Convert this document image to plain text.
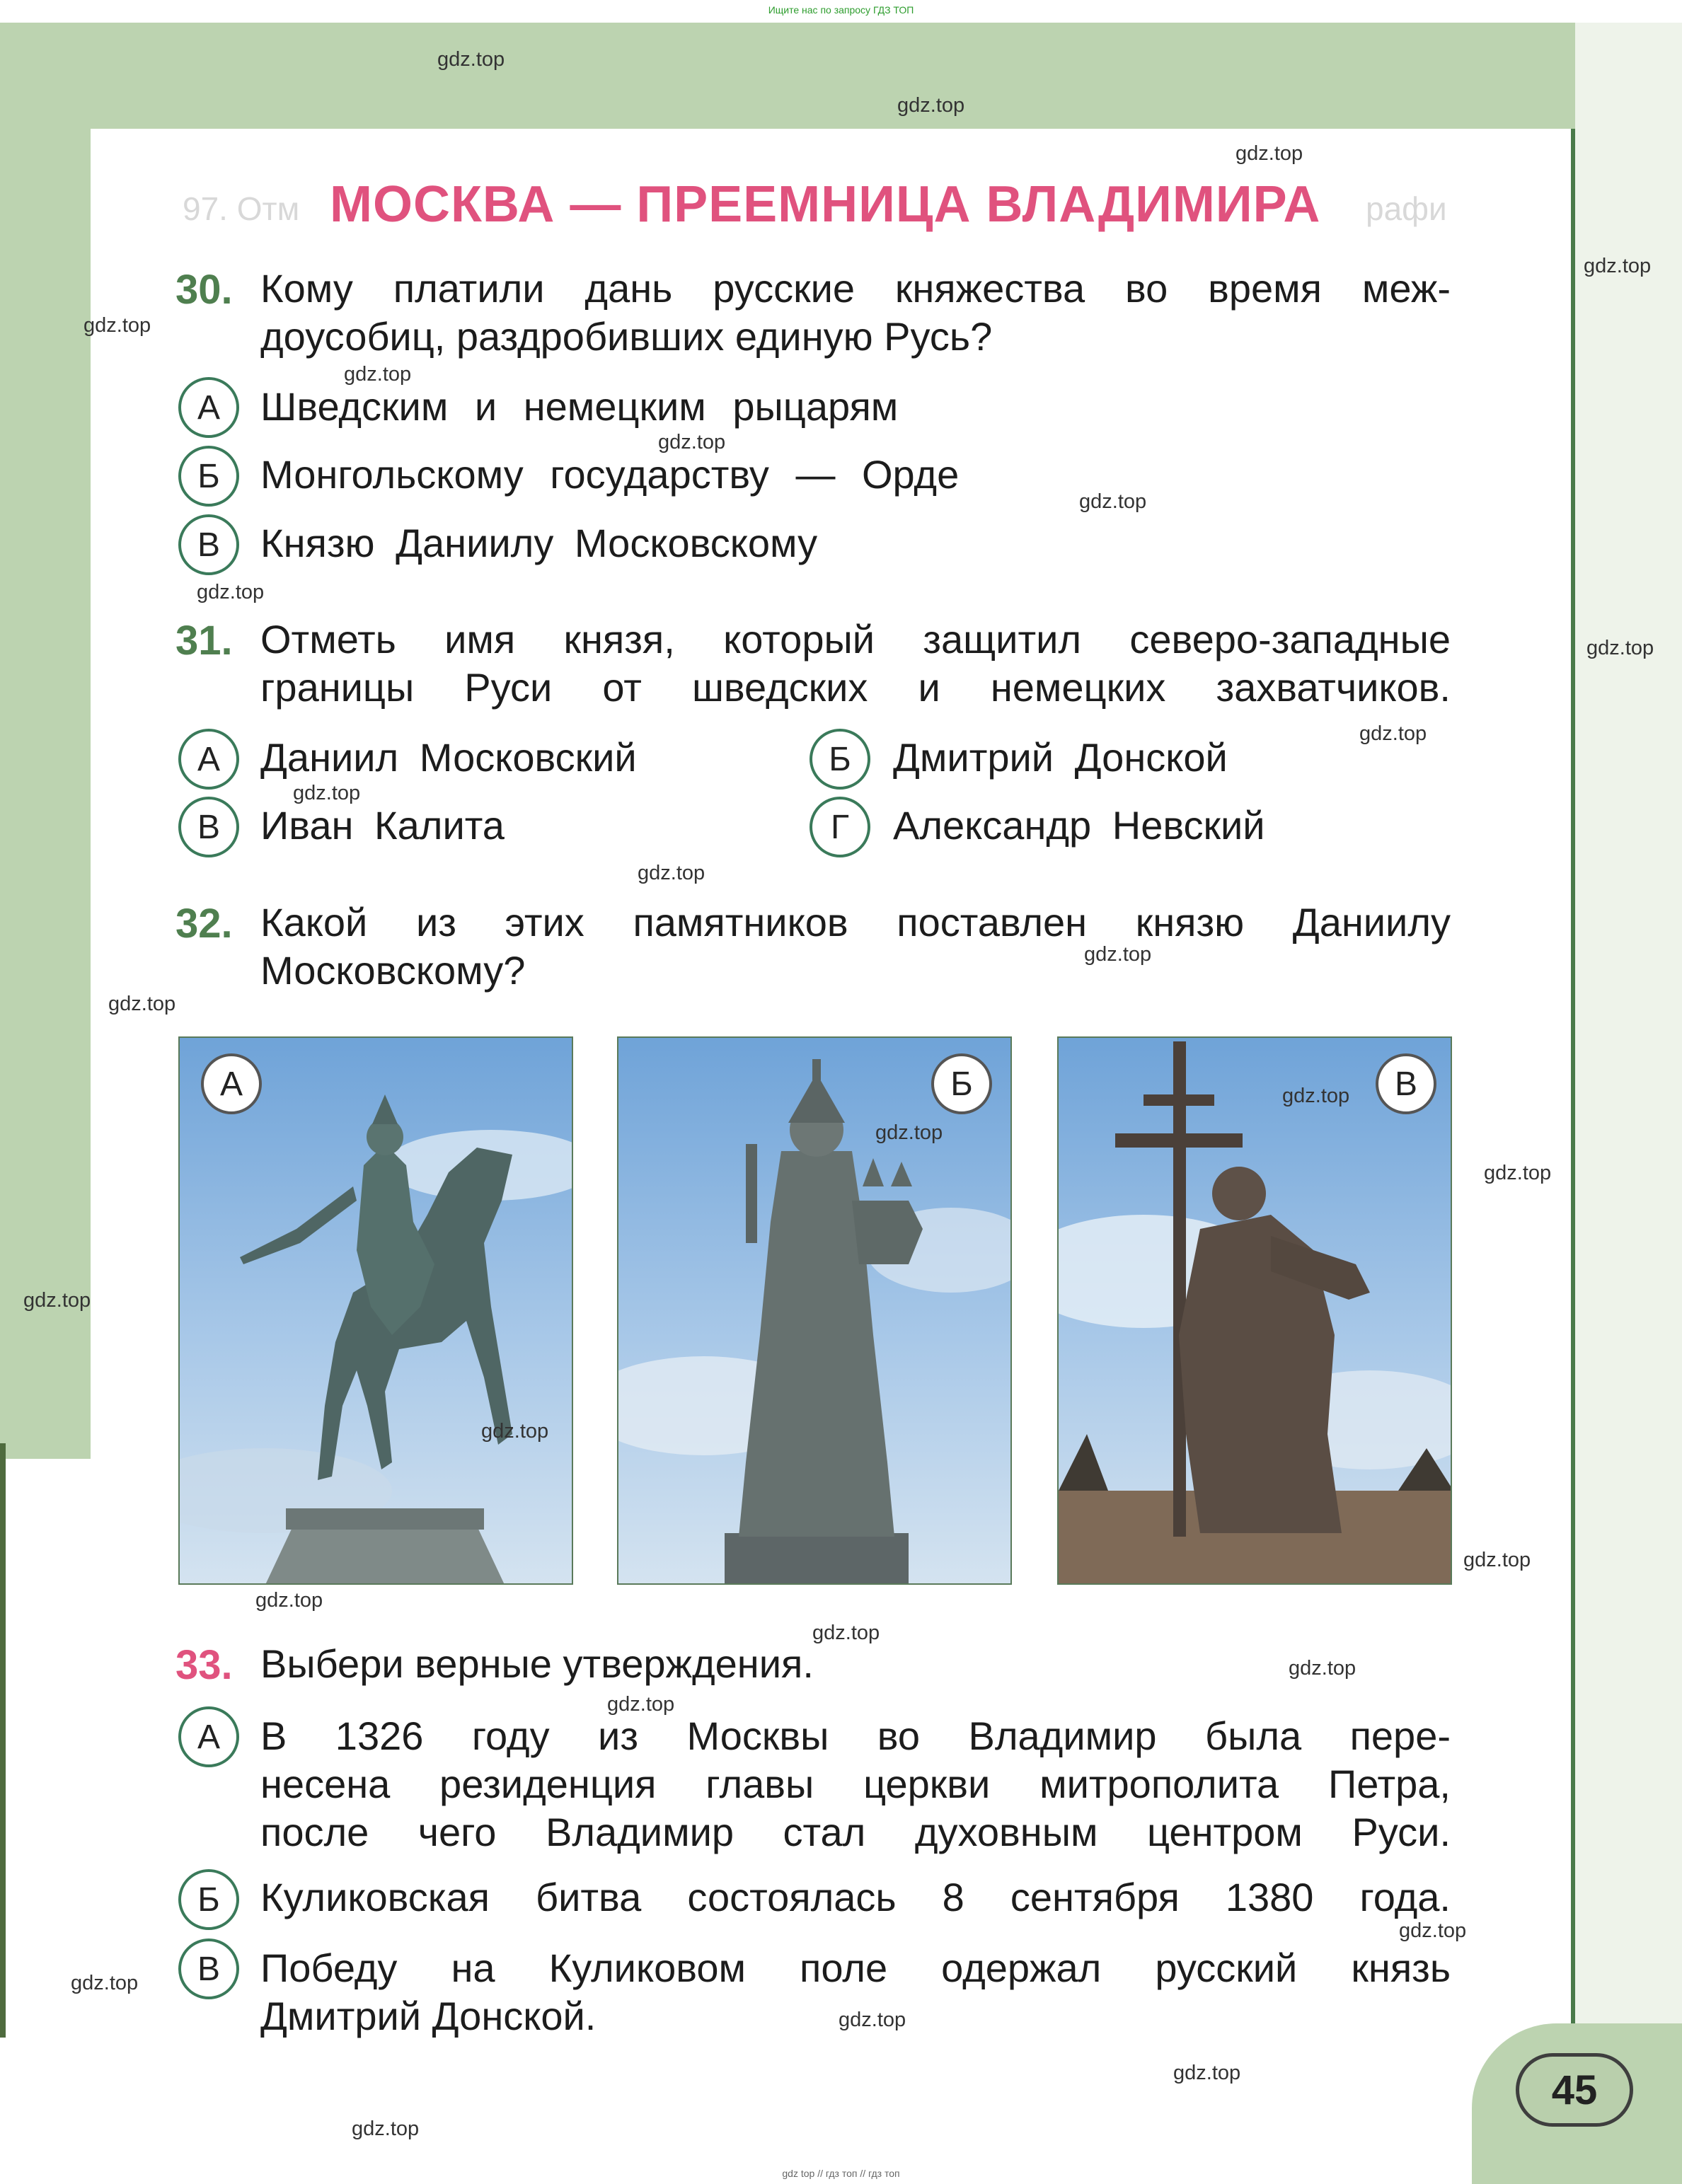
Ищите нас по запросу ГДЗ ТОП
45
gdz top // гдз топ // гдз топ
97. Отм	рафи
МОСКВА — ПРЕЕМНИЦА ВЛАДИМИРА
30. Кому платили дань русские княжества во время меж-
доусобиц, раздробивших единую Русь?
А	Шведским и немецким рыцарям
Б	Монгольскому государству — Орде
В	Князю Даниилу Московскому
31. Отметь имя князя, который защитил северо-западные
границы Руси от шведских и немецких захватчиков.
А	Даниил Московский	Б	Дмитрий Донской
В	Иван Калита	Г	Александр Невский
32. Какой из этих памятников поставлен князю Даниилу
Московскому?
А	Б	В
33. Выбери верные утверждения.
А	В 1326 году из Москвы во Владимир была пере-
несена резиденция главы церкви митрополита Петра,
после чего Владимир стал духовным центром Руси.
Б	Куликовская битва состоялась 8 сентября 1380 года.
В	Победу на Куликовом поле одержал русский князь
Дмитрий Донской.
gdz.top
gdz.top
gdz.top
gdz.top
gdz.top
gdz.top
gdz.top
gdz.top
gdz.top
gdz.top
gdz.top
gdz.top
gdz.top
gdz.top
gdz.top
gdz.top
gdz.top
gdz.top
gdz.top
gdz.top
gdz.top
gdz.top
gdz.top
gdz.top
gdz.top
gdz.top
gdz.top
gdz.top
gdz.top
gdz.top
